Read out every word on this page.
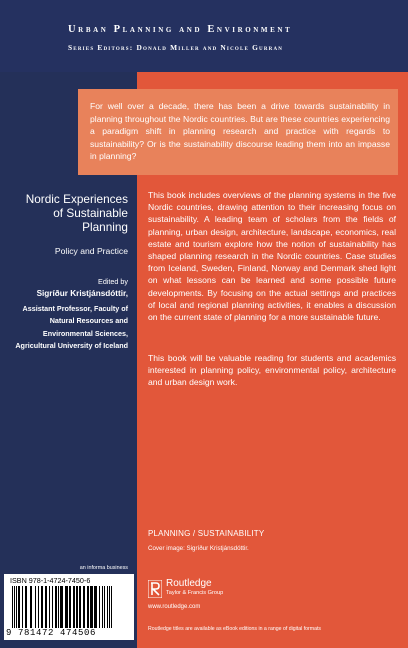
Urban Planning and Environment

Series Editors: Donald Miller and Nicole Gurran

For well over a decade, there has been a drive towards sustainability in planning throughout the Nordic countries. But are these countries experiencing a paradigm shift in planning research and practice with regards to sustainability? Or is the sustainability discourse leading them into an impasse in planning?

Nordic Experiences of Sustainable Planning

Policy and Practice

Edited by

Sigríður Kristjánsdóttir,

Assistant Professor, Faculty of Natural Resources and Environmental Sciences, Agricultural University of Iceland

This book includes overviews of the planning systems in the five Nordic countries, drawing attention to their increasing focus on sustainability. A leading team of scholars from the fields of planning, urban design, architecture, landscape, economics, real estate and tourism explore how the notion of sustainability has shaped planning research in the Nordic countries. Case studies from Iceland, Sweden, Finland, Norway and Denmark shed light on what lessons can be learned and some possible future developments. By focusing on the actual settings and practices of local and regional planning activities, it enables a discussion on the current state of planning for a more sustainable future.

This book will be valuable reading for students and academics interested in planning policy, environmental policy, architecture and urban design work.

PLANNING / SUSTAINABILITY

Cover image: Sigríður Kristjánsdóttir.

an informa business

ISBN 978-1-4724-7450-6

9 781472 474506

Routledge

Taylor & Francis Group

www.routledge.com

Routledge titles are available as eBook editions in a range of digital formats
